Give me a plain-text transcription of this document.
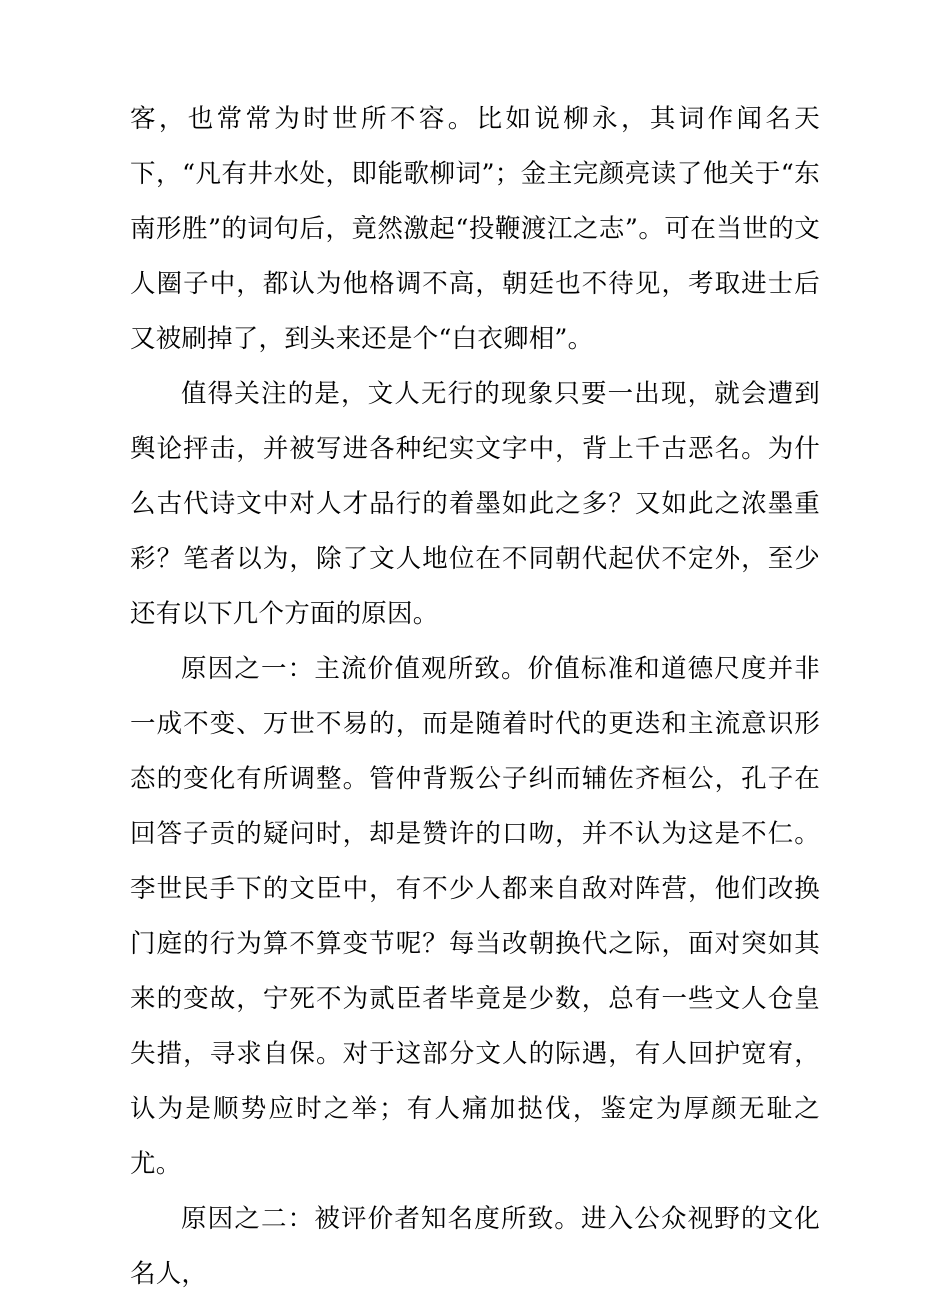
客，也常常为时世所不容。比如说柳永，其词作闻名天下，“凡有井水处，即能歌柳词”；金主完颜亮读了他关于“东南形胜”的词句后，竟然激起“投鞭渡江之志”。可在当世的文人圈子中，都认为他格调不高，朝廷也不待见，考取进士后又被刷掉了，到头来还是个“白衣卿相”。

值得关注的是，文人无行的现象只要一出现，就会遭到舆论抨击，并被写进各种纪实文字中，背上千古恶名。为什么古代诗文中对人才品行的着墨如此之多？又如此之浓墨重彩？笔者以为，除了文人地位在不同朝代起伏不定外，至少还有以下几个方面的原因。

原因之一：主流价值观所致。价值标准和道德尺度并非一成不变、万世不易的，而是随着时代的更迭和主流意识形态的变化有所调整。管仲背叛公子纠而辅佐齐桓公，孔子在回答子贡的疑问时，却是赞许的口吻，并不认为这是不仁。李世民手下的文臣中，有不少人都来自敌对阵营，他们改换门庭的行为算不算变节呢？每当改朝换代之际，面对突如其来的变故，宁死不为贰臣者毕竟是少数，总有一些文人仓皇失措，寻求自保。对于这部分文人的际遇，有人回护宽宥，认为是顺势应时之举；有人痛加挞伐，鉴定为厚颜无耻之尤。

原因之二：被评价者知名度所致。进入公众视野的文化名人，
